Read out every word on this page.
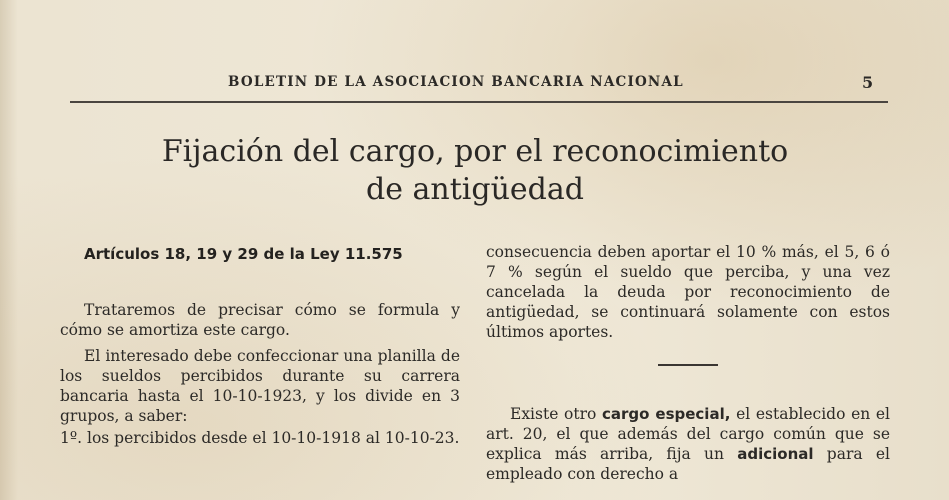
BOLETIN DE LA ASOCIACION BANCARIA NACIONAL	5
Fijación del cargo, por el reconocimiento
de antigüedad
Artículos 18, 19 y 29 de la Ley 11.575

Trataremos de precisar cómo se formula y cómo se amortiza este cargo.

El interesado debe confeccionar una planilla de los sueldos percibidos durante su carrera bancaria hasta el 10-10-1923, y los divide en 3 grupos, a saber:

1º. los percibidos desde el 10-10-1918 al 10-10-23.

consecuencia deben aportar el 10 % más, el 5, 6 ó 7 % según el sueldo que perciba, y una vez cancelada la deuda por reconocimiento de antigüedad, se continuará solamente con estos últimos aportes.

Existe otro cargo especial, el establecido en el art. 20, el que además del cargo común que se explica más arriba, fija un adicional para el empleado con derecho a
